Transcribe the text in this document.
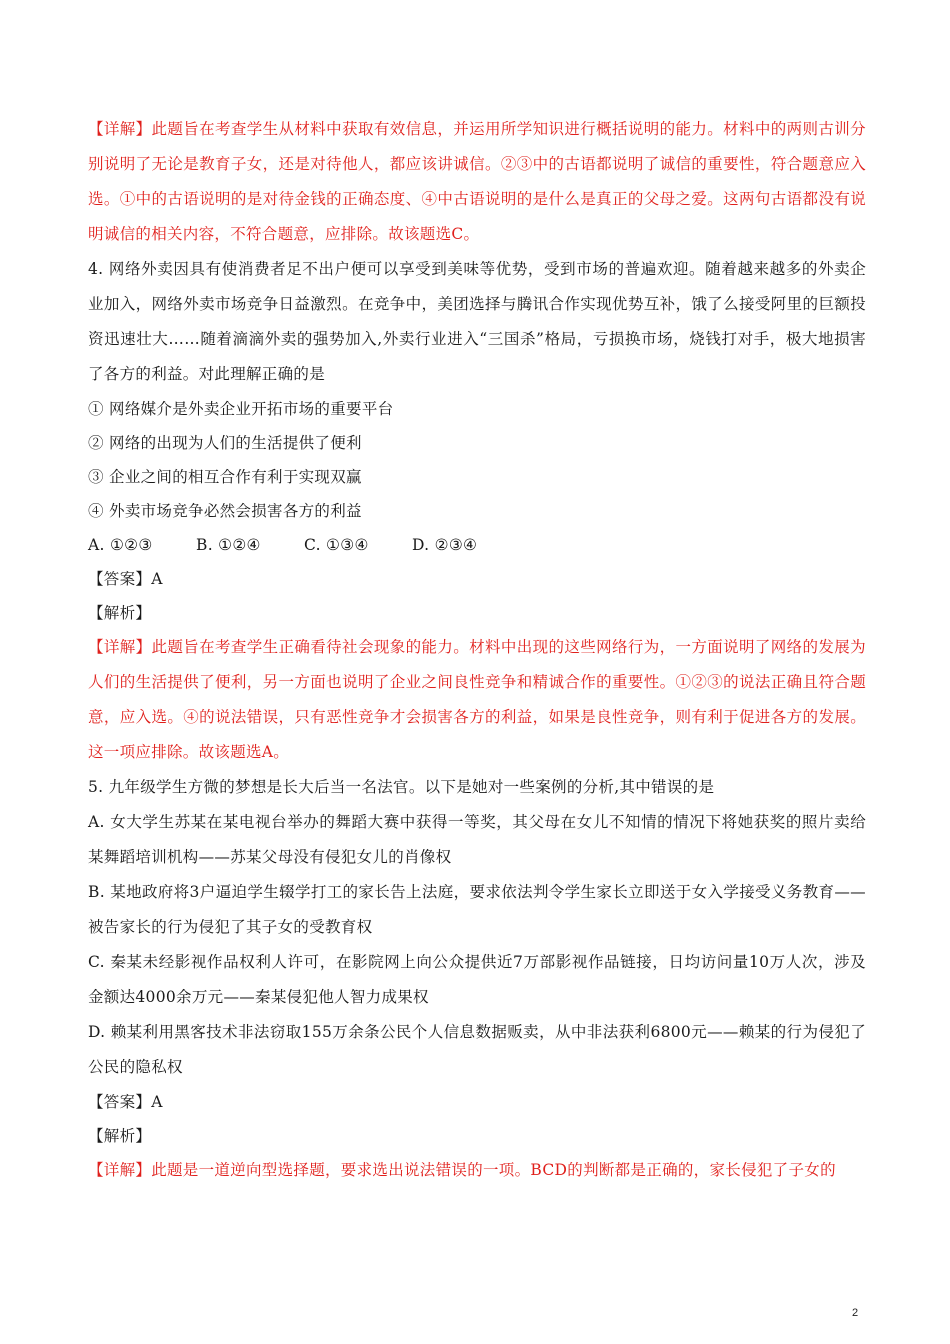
【详解】此题旨在考查学生从材料中获取有效信息，并运用所学知识进行概括说明的能力。材料中的两则古训分别说明了无论是教育子女，还是对待他人，都应该讲诚信。②③中的古语都说明了诚信的重要性，符合题意应入选。①中的古语说明的是对待金钱的正确态度、④中古语说明的是什么是真正的父母之爱。这两句古语都没有说明诚信的相关内容，不符合题意，应排除。故该题选C。

4. 网络外卖因具有使消费者足不出户便可以享受到美味等优势，受到市场的普遍欢迎。随着越来越多的外卖企业加入，网络外卖市场竞争日益激烈。在竞争中，美团选择与腾讯合作实现优势互补，饿了么接受阿里的巨额投资迅速壮大……随着滴滴外卖的强势加入,外卖行业进入“三国杀”格局，亏损换市场，烧钱打对手，极大地损害了各方的利益。对此理解正确的是

① 网络媒介是外卖企业开拓市场的重要平台

② 网络的出现为人们的生活提供了便利

③ 企业之间的相互合作有利于实现双赢

④ 外卖市场竞争必然会损害各方的利益

A. ①②③	B. ①②④	C. ①③④	D. ②③④

【答案】A

【解析】

【详解】此题旨在考查学生正确看待社会现象的能力。材料中出现的这些网络行为，一方面说明了网络的发展为人们的生活提供了便利，另一方面也说明了企业之间良性竞争和精诚合作的重要性。①②③的说法正确且符合题意，应入选。④的说法错误，只有恶性竞争才会损害各方的利益，如果是良性竞争，则有利于促进各方的发展。这一项应排除。故该题选A。

5. 九年级学生方微的梦想是长大后当一名法官。以下是她对一些案例的分析,其中错误的是

A. 女大学生苏某在某电视台举办的舞蹈大赛中获得一等奖，其父母在女儿不知情的情况下将她获奖的照片卖给某舞蹈培训机构——苏某父母没有侵犯女儿的肖像权

B. 某地政府将3户逼迫学生辍学打工的家长告上法庭，要求依法判令学生家长立即送于女入学接受义务教育——被告家长的行为侵犯了其子女的受教育权

C. 秦某未经影视作品权利人许可，在影院网上向公众提供近7万部影视作品链接，日均访问量10万人次，涉及金额达4000余万元——秦某侵犯他人智力成果权

D. 赖某利用黑客技术非法窃取155万余条公民个人信息数据贩卖，从中非法获利6800元——赖某的行为侵犯了公民的隐私权

【答案】A

【解析】

【详解】此题是一道逆向型选择题，要求选出说法错误的一项。BCD的判断都是正确的，家长侵犯了子女的

2
